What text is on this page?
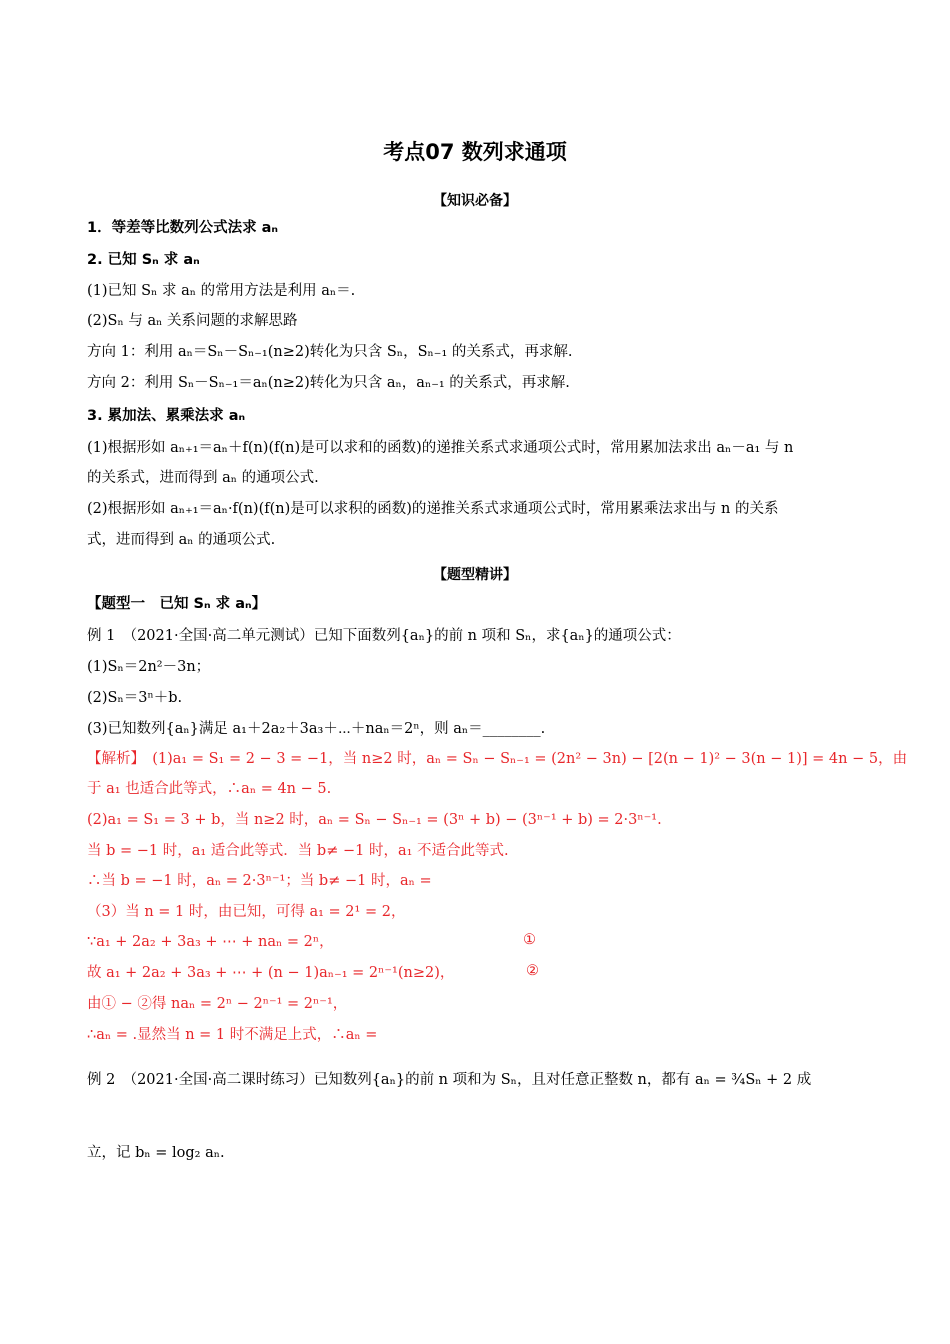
考点07 数列求通项
【知识必备】
1．等差等比数列公式法求 aₙ
2. 已知 Sₙ 求 aₙ
(1)已知 Sₙ 求 aₙ 的常用方法是利用 aₙ＝.
(2)Sₙ 与 aₙ 关系问题的求解思路
方向 1：利用 aₙ＝Sₙ－Sₙ₋₁(n≥2)转化为只含 Sₙ，Sₙ₋₁ 的关系式，再求解.
方向 2：利用 Sₙ－Sₙ₋₁＝aₙ(n≥2)转化为只含 aₙ，aₙ₋₁ 的关系式，再求解.
3. 累加法、累乘法求 aₙ
(1)根据形如 aₙ₊₁＝aₙ＋f(n)(f(n)是可以求和的函数)的递推关系式求通项公式时，常用累加法求出 aₙ－a₁ 与 n
的关系式，进而得到 aₙ 的通项公式.
(2)根据形如 aₙ₊₁＝aₙ·f(n)(f(n)是可以求积的函数)的递推关系式求通项公式时，常用累乘法求出与 n 的关系
式，进而得到 aₙ 的通项公式.
【题型精讲】
【题型一　已知 Sₙ 求 aₙ】
例 1　（2021·全国·高二单元测试）已知下面数列{aₙ}的前 n 项和 Sₙ，求{aₙ}的通项公式：
(1)Sₙ＝2n²－3n；
(2)Sₙ＝3ⁿ＋b.
(3)已知数列{aₙ}满足 a₁＋2a₂＋3a₃＋⋯＋naₙ＝2ⁿ，则 aₙ＝________.
【解析】　(1)a₁ = S₁ = 2 − 3 = −1，当 n≥2 时，aₙ = Sₙ − Sₙ₋₁ = (2n² − 3n) − [2(n − 1)² − 3(n − 1)] = 4n − 5，由
于 a₁ 也适合此等式，∴aₙ = 4n − 5.
(2)a₁ = S₁ = 3 + b，当 n≥2 时，aₙ = Sₙ − Sₙ₋₁ = (3ⁿ + b) − (3ⁿ⁻¹ + b) = 2·3ⁿ⁻¹.
当 b = −1 时，a₁ 适合此等式．当 b≠ −1 时，a₁ 不适合此等式.
∴当 b = −1 时，aₙ = 2·3ⁿ⁻¹；当 b≠ −1 时，aₙ =
（3）当 n = 1 时，由已知，可得 a₁ = 2¹ = 2，
∵a₁ + 2a₂ + 3a₃ + ⋯ + naₙ = 2ⁿ，
故 a₁ + 2a₂ + 3a₃ + ⋯ + (n − 1)aₙ₋₁ = 2ⁿ⁻¹(n≥2)，
由① − ②得 naₙ = 2ⁿ − 2ⁿ⁻¹ = 2ⁿ⁻¹，
∴aₙ = .显然当 n = 1 时不满足上式，∴aₙ =
①
②
例 2　（2021·全国·高二课时练习）已知数列{aₙ}的前 n 项和为 Sₙ，且对任意正整数 n，都有 aₙ = ¾Sₙ + 2 成
立，记 bₙ = log₂ aₙ.
